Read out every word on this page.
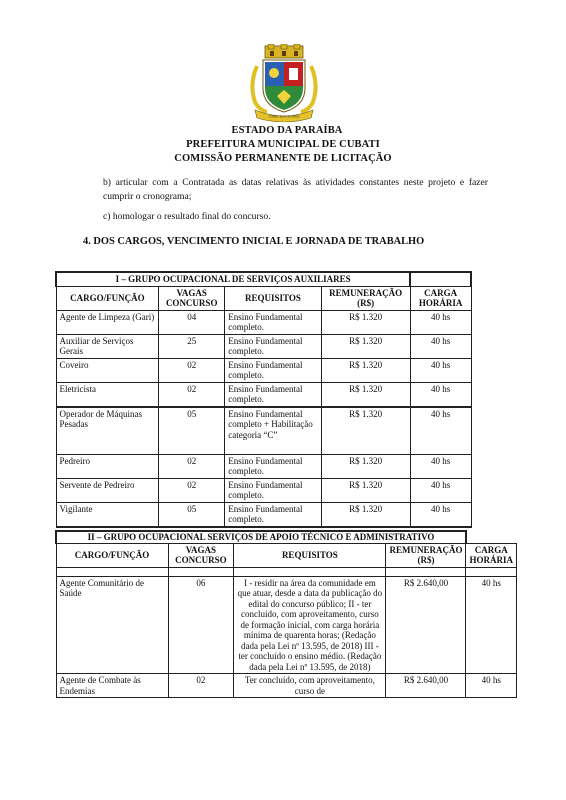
Cubati, terra de todos
ESTADO DA PARAÍBA
PREFEITURA MUNICIPAL DE CUBATI
COMISSÃO PERMANENTE DE LICITAÇÃO
b) articular com a Contratada as datas relativas às atividades constantes neste projeto e fazer cumprir o cronograma;
c) homologar o resultado final do concurso.
4. DOS CARGOS, VENCIMENTO INICIAL E JORNADA DE TRABALHO
I – GRUPO OCUPACIONAL DE SERVIÇOS AUXILIARES				
CARGO/FUNÇÃO	VAGAS CONCURSO	REQUISITOS	REMUNERAÇÃO (R$)	CARGA HORÁRIA
Agente de Limpeza (Gari)	04	Ensino Fundamental completo.	R$ 1.320	40 hs
Auxiliar de Serviços Gerais	25	Ensino Fundamental completo.	R$ 1.320	40 hs
Coveiro	02	Ensino Fundamental completo.	R$ 1.320	40 hs
Eletricista	02	Ensino Fundamental completo.	R$ 1.320	40 hs
Operador de Máquinas Pesadas	05	Ensino Fundamental completo + Habilitação categoria “C”	R$ 1.320	40 hs
Pedreiro	02	Ensino Fundamental completo.	R$ 1.320	40 hs
Servente de Pedreiro	02	Ensino Fundamental completo.	R$ 1.320	40 hs
Vigilante	05	Ensino Fundamental completo.	R$ 1.320	40 hs
II – GRUPO OCUPACIONAL SERVIÇOS DE APOIO TÉCNICO E ADMINISTRATIVO				
CARGO/FUNÇÃO	VAGAS CONCURSO	REQUISITOS	REMUNERAÇÃO (R$)	CARGA HORÁRIA

Agente Comunitário de Saúde	06	I - residir na área da comunidade em que atuar, desde a data da publicação do edital do concurso público; II - ter concluído, com aproveitamento, curso de formação inicial, com carga horária mínima de quarenta horas; (Redação dada pela Lei nº 13.595, de 2018) III - ter concluído o ensino médio. (Redação dada pela Lei nº 13.595, de 2018)	R$ 2.640,00	40 hs
Agente de Combate às Endemias	02	Ter concluído, com aproveitamento, curso de	R$ 2.640,00	40 hs
